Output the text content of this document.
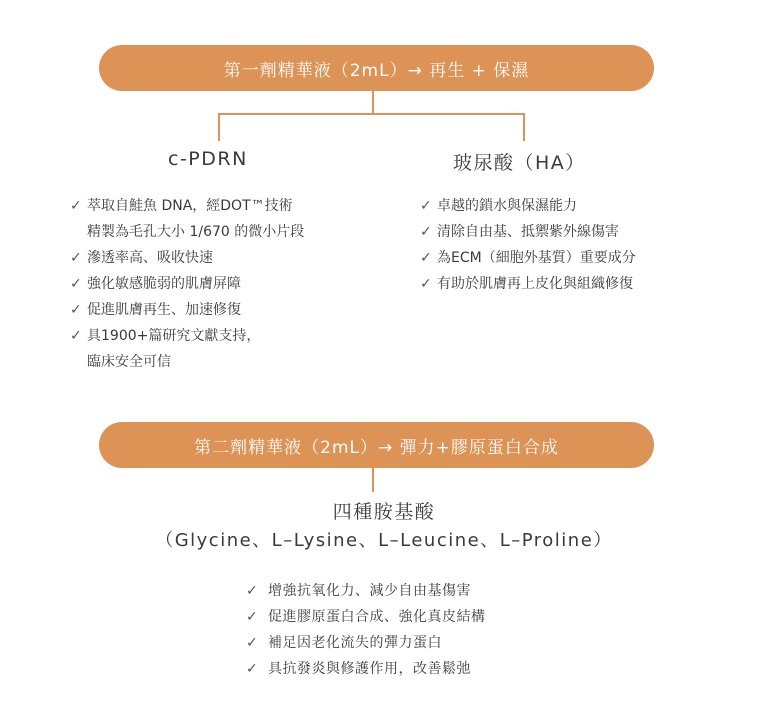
第一劑精華液（2mL）→ 再生 + 保濕
c-PDRN	玻尿酸（HA）
✓ 萃取自鮭魚 DNA，經DOT™技術
精製為毛孔大小 1/670 的微小片段
✓ 滲透率高、吸收快速
✓ 強化敏感脆弱的肌膚屏障
✓ 促進肌膚再生、加速修復
✓ 具1900+篇研究文獻支持，
臨床安全可信
✓ 卓越的鎖水與保濕能力
✓ 清除自由基、抵禦紫外線傷害
✓ 為ECM（細胞外基質）重要成分
✓ 有助於肌膚再上皮化與組織修復
第二劑精華液（2mL）→ 彈力+膠原蛋白合成
四種胺基酸
（Glycine、L–Lysine、L–Leucine、L–Proline）
✓ 增強抗氧化力、減少自由基傷害
✓ 促進膠原蛋白合成、強化真皮結構
✓ 補足因老化流失的彈力蛋白
✓ 具抗發炎與修護作用，改善鬆弛
